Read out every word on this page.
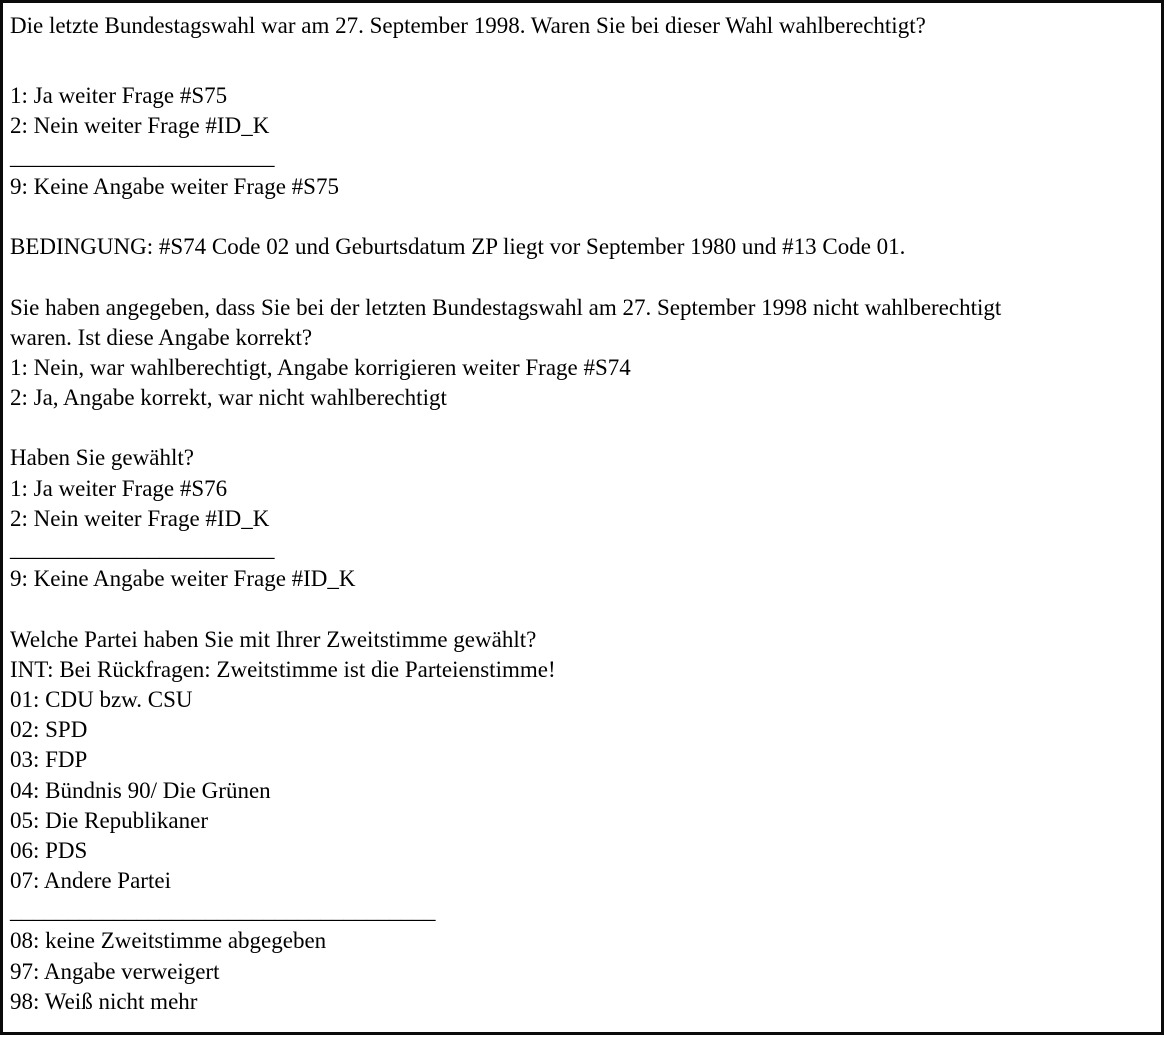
Die letzte Bundestagswahl war am 27. September 1998. Waren Sie bei dieser Wahl wahlberechtigt?
1: Ja weiter Frage #S75
2: Nein weiter Frage #ID_K
_______________________
9: Keine Angabe weiter Frage #S75
BEDINGUNG: #S74 Code 02 und Geburtsdatum ZP liegt vor September 1980 und #13 Code 01.
Sie haben angegeben, dass Sie bei der letzten Bundestagswahl am 27. September 1998 nicht wahlberechtigt
waren. Ist diese Angabe korrekt?
1: Nein, war wahlberechtigt, Angabe korrigieren weiter Frage #S74
2: Ja, Angabe korrekt, war nicht wahlberechtigt
Haben Sie gewählt?
1: Ja weiter Frage #S76
2: Nein weiter Frage #ID_K
_______________________
9: Keine Angabe weiter Frage #ID_K
Welche Partei haben Sie mit Ihrer Zweitstimme gewählt?
INT: Bei Rückfragen: Zweitstimme ist die Parteienstimme!
01: CDU bzw. CSU
02: SPD
03: FDP
04: Bündnis 90/ Die Grünen
05: Die Republikaner
06: PDS
07: Andere Partei
_____________________________________
08: keine Zweitstimme abgegeben
97: Angabe verweigert
98: Weiß nicht mehr
